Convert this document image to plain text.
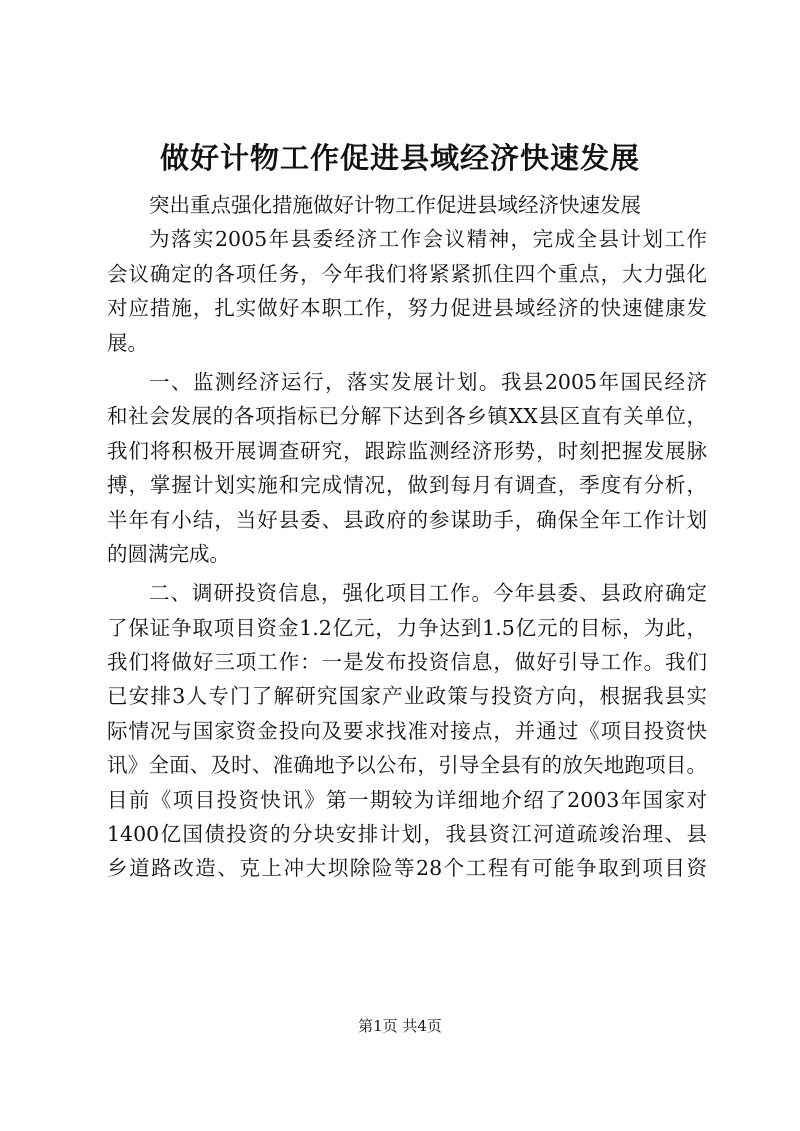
做好计物工作促进县域经济快速发展
突出重点强化措施做好计物工作促进县域经济快速发展
为落实2005年县委经济工作会议精神，完成全县计划工作
会议确定的各项任务，今年我们将紧紧抓住四个重点，大力强化
对应措施，扎实做好本职工作，努力促进县域经济的快速健康发
展。
一、监测经济运行，落实发展计划。我县2005年国民经济
和社会发展的各项指标已分解下达到各乡镇XX县区直有关单位，
我们将积极开展调查研究，跟踪监测经济形势，时刻把握发展脉
搏，掌握计划实施和完成情况，做到每月有调查，季度有分析，
半年有小结，当好县委、县政府的参谋助手，确保全年工作计划
的圆满完成。
二、调研投资信息，强化项目工作。今年县委、县政府确定
了保证争取项目资金1.2亿元，力争达到1.5亿元的目标，为此，
我们将做好三项工作：一是发布投资信息，做好引导工作。我们
已安排3人专门了解研究国家产业政策与投资方向，根据我县实
际情况与国家资金投向及要求找准对接点，并通过《项目投资快
讯》全面、及时、准确地予以公布，引导全县有的放矢地跑项目。
目前《项目投资快讯》第一期较为详细地介绍了2003年国家对
1400亿国债投资的分块安排计划，我县资江河道疏竣治理、县
乡道路改造、克上冲大坝除险等28个工程有可能争取到项目资
第1页 共4页
